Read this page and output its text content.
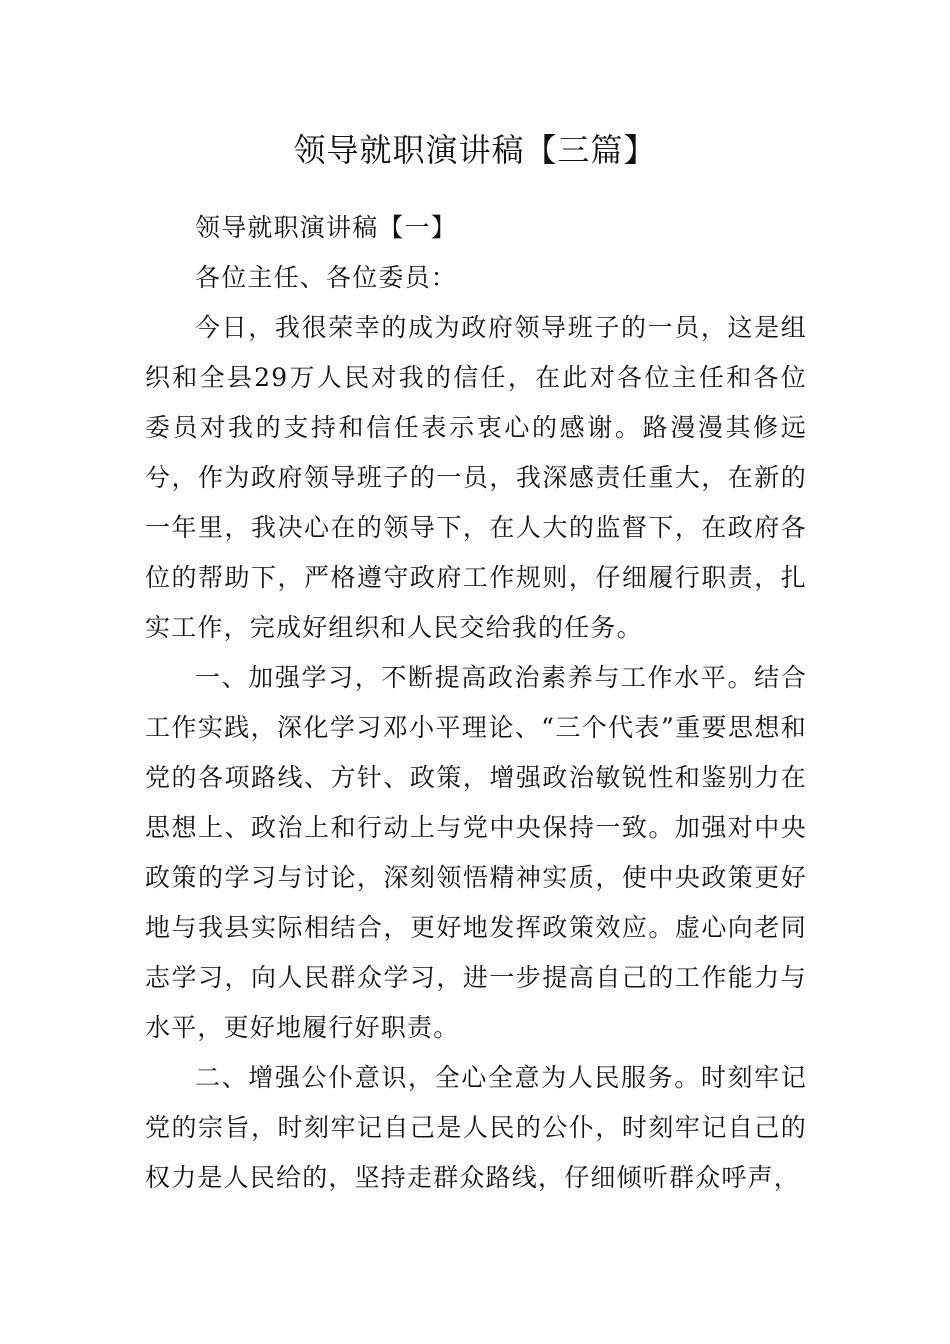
领导就职演讲稿【三篇】

领导就职演讲稿【一】

各位主任、各位委员：

今日，我很荣幸的成为政府领导班子的一员，这是组织和全县29万人民对我的信任，在此对各位主任和各位委员对我的支持和信任表示衷心的感谢。路漫漫其修远兮，作为政府领导班子的一员，我深感责任重大，在新的一年里，我决心在的领导下，在人大的监督下，在政府各位的帮助下，严格遵守政府工作规则，仔细履行职责，扎实工作，完成好组织和人民交给我的任务。

一、加强学习，不断提高政治素养与工作水平。结合工作实践，深化学习邓小平理论、“三个代表”重要思想和党的各项路线、方针、政策，增强政治敏锐性和鉴别力在思想上、政治上和行动上与党中央保持一致。加强对中央政策的学习与讨论，深刻领悟精神实质，使中央政策更好地与我县实际相结合，更好地发挥政策效应。虚心向老同志学习，向人民群众学习，进一步提高自己的工作能力与水平，更好地履行好职责。

二、增强公仆意识，全心全意为人民服务。时刻牢记党的宗旨，时刻牢记自己是人民的公仆，时刻牢记自己的权力是人民给的，坚持走群众路线，仔细倾听群众呼声，
